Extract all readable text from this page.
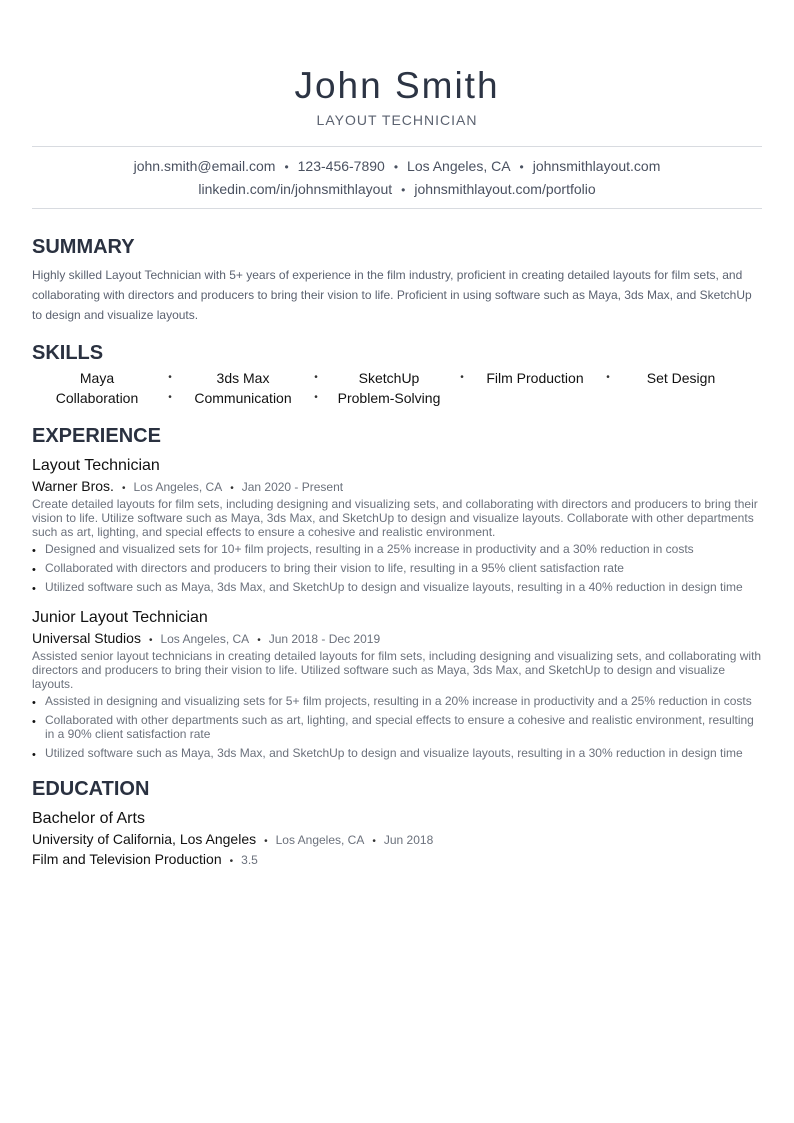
John Smith
LAYOUT TECHNICIAN
john.smith@email.com • 123-456-7890 • Los Angeles, CA • johnsmithlayout.com
linkedin.com/in/johnsmithlayout • johnsmithlayout.com/portfolio
SUMMARY

Highly skilled Layout Technician with 5+ years of experience in the film industry, proficient in creating detailed layouts for film sets, and collaborating with directors and producers to bring their vision to life. Proficient in using software such as Maya, 3ds Max, and SketchUp to design and visualize layouts.

SKILLS
Maya	•	3ds Max	•	SketchUp	•	Film Production	•	Set Design
Collaboration	•	Communication	•	Problem-Solving
EXPERIENCE
Layout Technician
Warner Bros. • Los Angeles, CA • Jan 2020 - Present

Create detailed layouts for film sets, including designing and visualizing sets, and collaborating with directors and producers to bring their vision to life. Utilize software such as Maya, 3ds Max, and SketchUp to design and visualize layouts. Collaborate with other departments such as art, lighting, and special effects to ensure a cohesive and realistic environment.

• Designed and visualized sets for 10+ film projects, resulting in a 25% increase in productivity and a 30% reduction in costs
• Collaborated with directors and producers to bring their vision to life, resulting in a 95% client satisfaction rate
• Utilized software such as Maya, 3ds Max, and SketchUp to design and visualize layouts, resulting in a 40% reduction in design time
Junior Layout Technician
Universal Studios • Los Angeles, CA • Jun 2018 - Dec 2019

Assisted senior layout technicians in creating detailed layouts for film sets, including designing and visualizing sets, and collaborating with directors and producers to bring their vision to life. Utilized software such as Maya, 3ds Max, and SketchUp to design and visualize layouts.

• Assisted in designing and visualizing sets for 5+ film projects, resulting in a 20% increase in productivity and a 25% reduction in costs
• Collaborated with other departments such as art, lighting, and special effects to ensure a cohesive and realistic environment, resulting in a 90% client satisfaction rate
• Utilized software such as Maya, 3ds Max, and SketchUp to design and visualize layouts, resulting in a 30% reduction in design time
EDUCATION
Bachelor of Arts
University of California, Los Angeles • Los Angeles, CA • Jun 2018
Film and Television Production • 3.5
